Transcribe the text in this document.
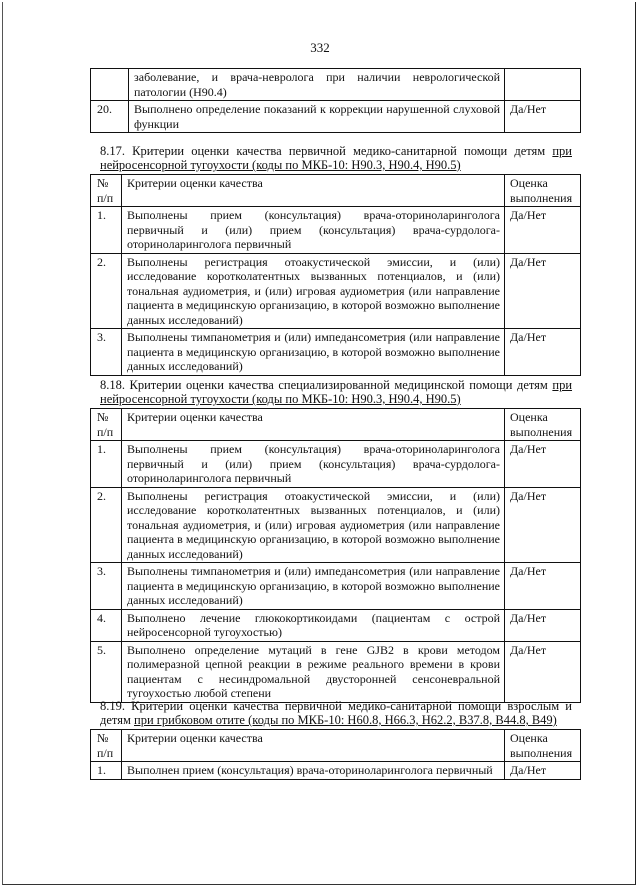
332
	заболевание, и врача-невролога при наличии неврологической патологии (Н90.4)	
20.	Выполнено определение показаний к коррекции нарушенной слуховой функции	Да/Нет
8.17. Критерии оценки качества первичной медико-санитарной помощи детям при нейросенсорной тугоухости (коды по МКБ-10: Н90.3, Н90.4, Н90.5)
№ п/п	Критерии оценки качества	Оценка выполнения
1.	Выполнены прием (консультация) врача-оториноларинголога первичный и (или) прием (консультация) врача-сурдолога-оториноларинголога первичный	Да/Нет
2.	Выполнены регистрация отоакустической эмиссии, и (или) исследование коротколатентных вызванных потенциалов, и (или) тональная аудиометрия, и (или) игровая аудиометрия (или направление пациента в медицинскую организацию, в которой возможно выполнение данных исследований)	Да/Нет
3.	Выполнены тимпанометрия и (или) импедансометрия (или направление пациента в медицинскую организацию, в которой возможно выполнение данных исследований)	Да/Нет
8.18. Критерии оценки качества специализированной медицинской помощи детям при нейросенсорной тугоухости (коды по МКБ-10: Н90.3, Н90.4, Н90.5)
№ п/п	Критерии оценки качества	Оценка выполнения
1.	Выполнены прием (консультация) врача-оториноларинголога первичный и (или) прием (консультация) врача-сурдолога-оториноларинголога первичный	Да/Нет
2.	Выполнены регистрация отоакустической эмиссии, и (или) исследование коротколатентных вызванных потенциалов, и (или) тональная аудиометрия, и (или) игровая аудиометрия (или направление пациента в медицинскую организацию, в которой возможно выполнение данных исследований)	Да/Нет
3.	Выполнены тимпанометрия и (или) импедансометрия (или направление пациента в медицинскую организацию, в которой возможно выполнение данных исследований)	Да/Нет
4.	Выполнено лечение глюкокортикоидами (пациентам с острой нейросенсорной тугоухостью)	Да/Нет
5.	Выполнено определение мутаций в гене GJB2 в крови методом полимеразной цепной реакции в режиме реального времени в крови пациентам с несиндромальной двусторонней сенсоневральной тугоухостью любой степени	Да/Нет
8.19. Критерии оценки качества первичной медико-санитарной помощи взрослым и детям при грибковом отите (коды по МКБ-10: Н60.8, Н66.3, Н62.2, В37.8, В44.8, В49)
№ п/п	Критерии оценки качества	Оценка выполнения
1.	Выполнен прием (консультация) врача-оториноларинголога первичный	Да/Нет
